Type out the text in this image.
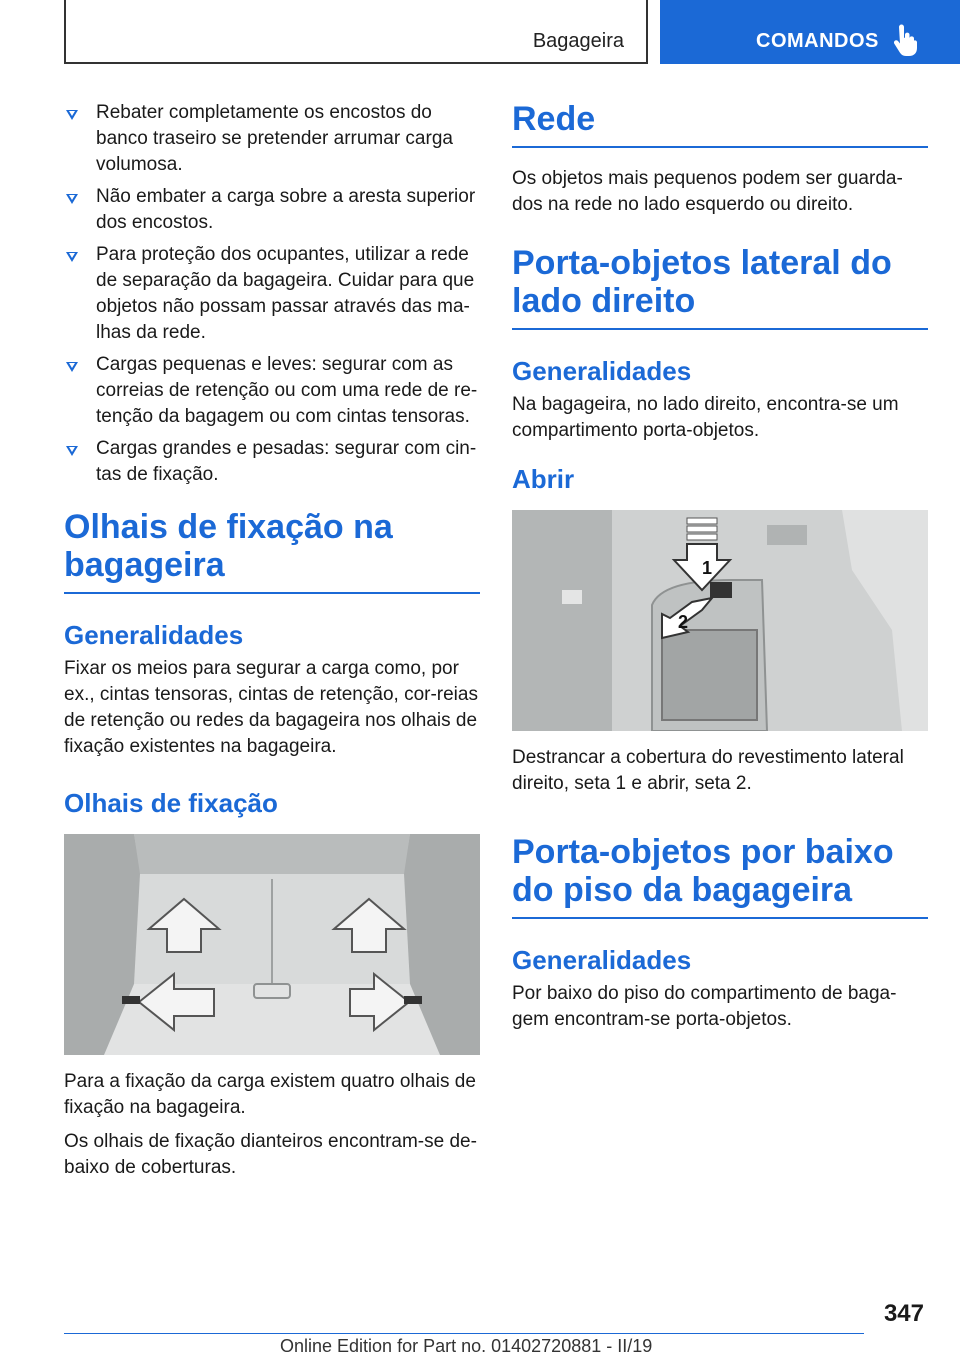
Bagageira	COMANDOS
Rebater completamente os encostos do banco traseiro se pretender arrumar carga volumosa.
Não embater a carga sobre a aresta superior dos encostos.
Para proteção dos ocupantes, utilizar a rede de separação da bagageira. Cuidar para que objetos não possam passar através das ma-lhas da rede.
Cargas pequenas e leves: segurar com as correias de retenção ou com uma rede de re-tenção da bagagem ou com cintas tensoras.
Cargas grandes e pesadas: segurar com cin-tas de fixação.
Olhais de fixação na bagageira
Generalidades

Fixar os meios para segurar a carga como, por ex., cintas tensoras, cintas de retenção, cor-reias de retenção ou redes da bagageira nos olhais de fixação existentes na bagageira.

Olhais de fixação

Para a fixação da carga existem quatro olhais de fixação na bagageira.

Os olhais de fixação dianteiros encontram-se de-baixo de coberturas.

Rede

Os objetos mais pequenos podem ser guarda-dos na rede no lado esquerdo ou direito.

Porta-objetos lateral do lado direito
Generalidades

Na bagageira, no lado direito, encontra-se um compartimento porta-objetos.

Abrir
1
2

Destrancar a cobertura do revestimento lateral direito, seta 1 e abrir, seta 2.

Porta-objetos por baixo do piso da bagageira
Generalidades

Por baixo do piso do compartimento de baga-gem encontram-se porta-objetos.

347
Online Edition for Part no. 01402720881 - II/19
